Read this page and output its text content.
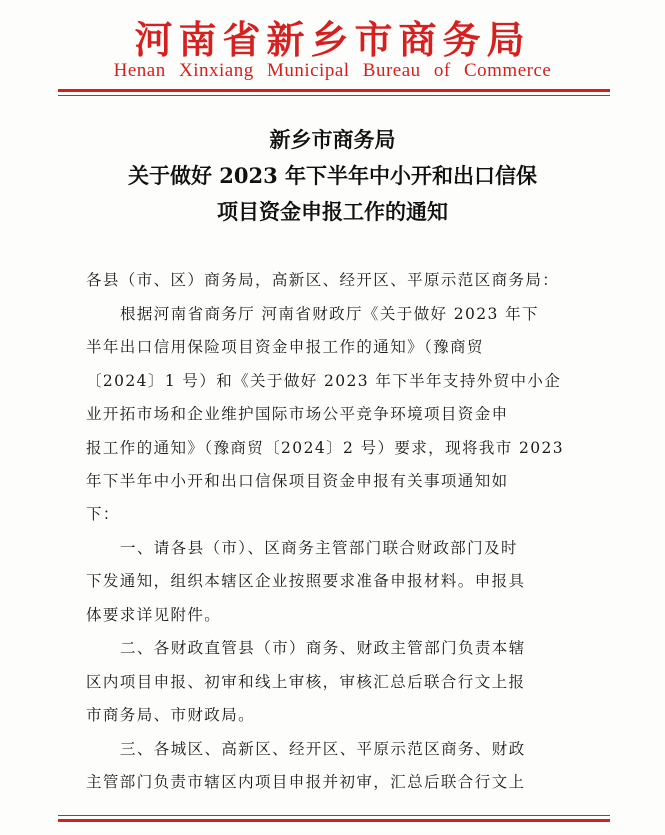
河南省新乡市商务局
Henan Xinxiang Municipal Bureau of Commerce
新乡市商务局
关于做好 2023 年下半年中小开和出口信保
项目资金申报工作的通知
各县（市、区）商务局，高新区、经开区、平原示范区商务局：
根据河南省商务厅 河南省财政厅《关于做好 2023 年下
半年出口信用保险项目资金申报工作的通知》（豫商贸
〔2024〕1 号）和《关于做好 2023 年下半年支持外贸中小企
业开拓市场和企业维护国际市场公平竞争环境项目资金申
报工作的通知》（豫商贸〔2024〕2 号）要求，现将我市 2023
年下半年中小开和出口信保项目资金申报有关事项通知如
下：
一、请各县（市）、区商务主管部门联合财政部门及时
下发通知，组织本辖区企业按照要求准备申报材料。申报具
体要求详见附件。
二、各财政直管县（市）商务、财政主管部门负责本辖
区内项目申报、初审和线上审核，审核汇总后联合行文上报
市商务局、市财政局。
三、各城区、高新区、经开区、平原示范区商务、财政
主管部门负责市辖区内项目申报并初审，汇总后联合行文上
